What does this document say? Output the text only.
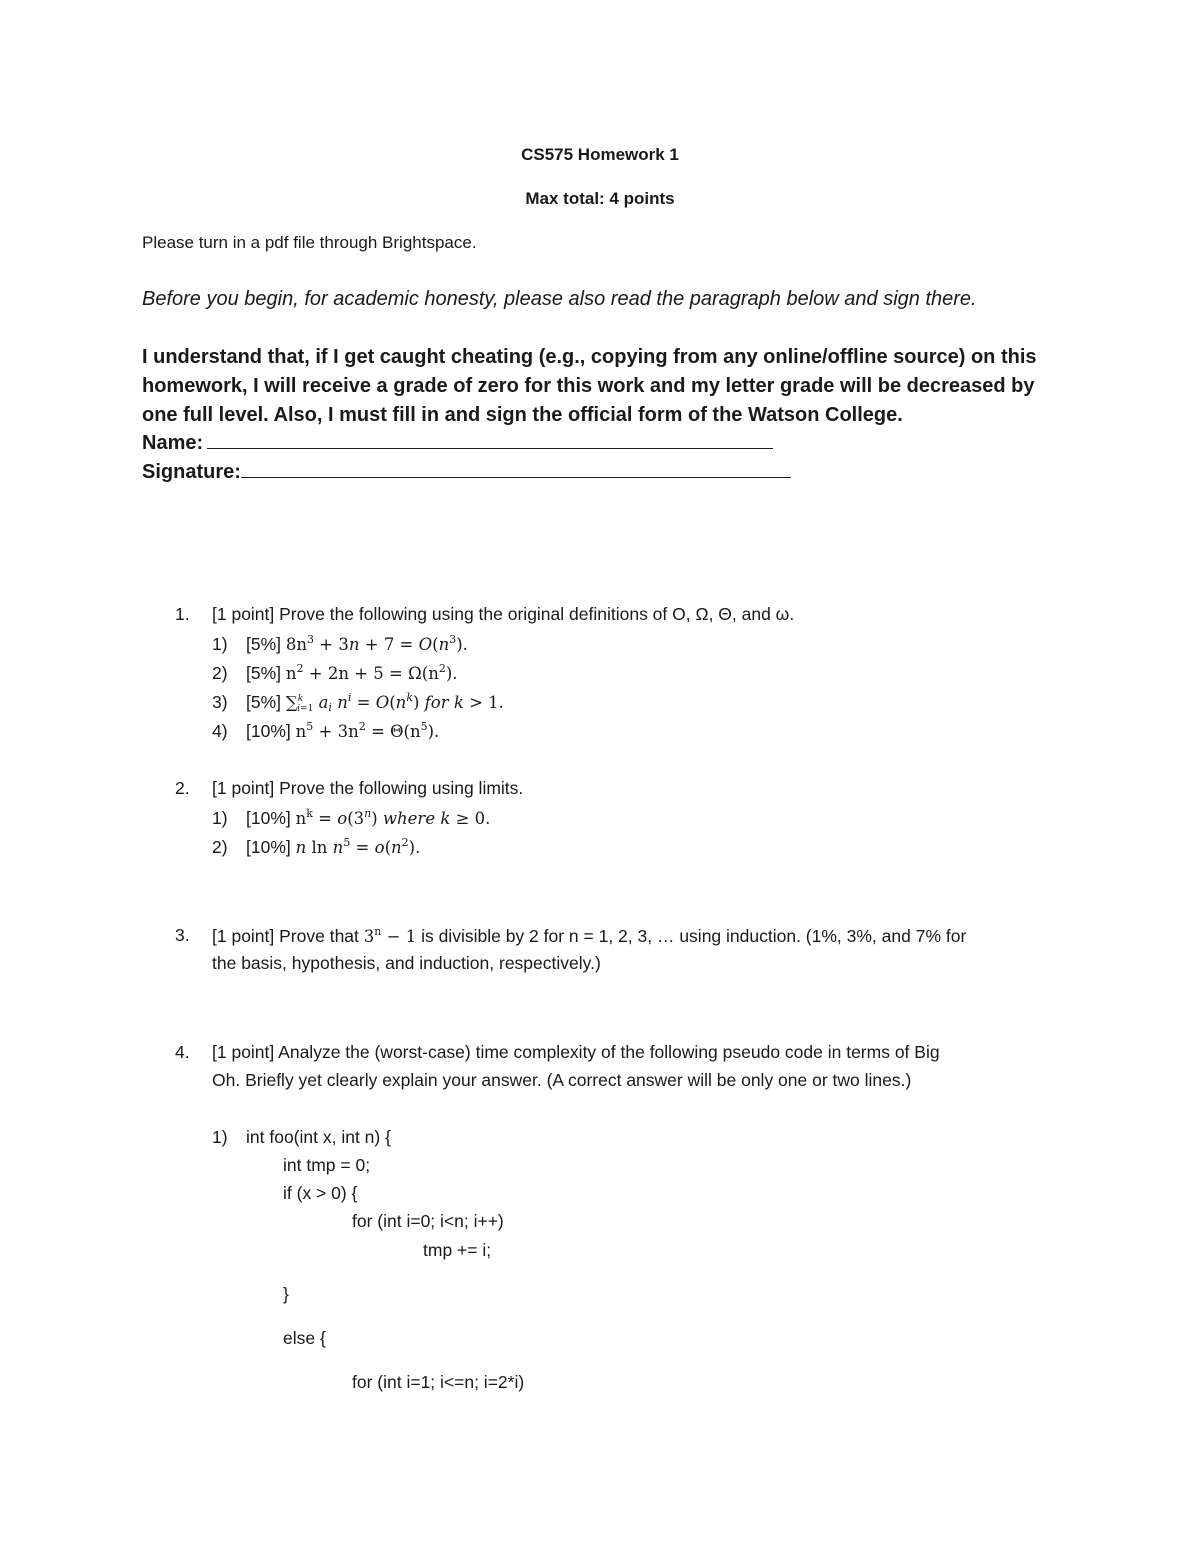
CS575 Homework 1
Max total: 4 points
Please turn in a pdf file through Brightspace.
Before you begin, for academic honesty, please also read the paragraph below and sign there.
I understand that, if I get caught cheating (e.g., copying from any online/offline source) on this
homework, I will receive a grade of zero for this work and my letter grade will be decreased by
one full level. Also, I must fill in and sign the official form of the Watson College.
Name:
Signature:
1. [1 point] Prove the following using the original definitions of O, Ω, Θ, and ω.
1) [5%] $8n^3 + 3n + 7 = O(n^3)$.
2) [5%] $n^2 + 2n + 5 = \Omega(n^2)$.
3) [5%] ∑$^k_{i=1}$ $a_i$ $n^i = O(n^k)$ for k > 1.
4) [10%] $n^5 + 3n^2 = \Theta(n^5)$.
2. [1 point] Prove the following using limits.
1) [10%] $n^k = o(3^n)$ where k ≥ 0.
2) [10%] n $\ln n^5 = o(n^2)$.
3. [1 point] Prove that $3^n - 1$ is divisible by 2 for n = 1, 2, 3, … using induction. (1%, 3%, and 7% for
the basis, hypothesis, and induction, respectively.)
4. [1 point] Analyze the (worst-case) time complexity of the following pseudo code in terms of Big
Oh. Briefly yet clearly explain your answer. (A correct answer will be only one or two lines.)
1) int foo(int x, int n) {
int tmp = 0;
if (x > 0) {
for (int i=0; i<n; i++)
tmp += i;
}
else {
for (int i=1; i<=n; i=2*i)
